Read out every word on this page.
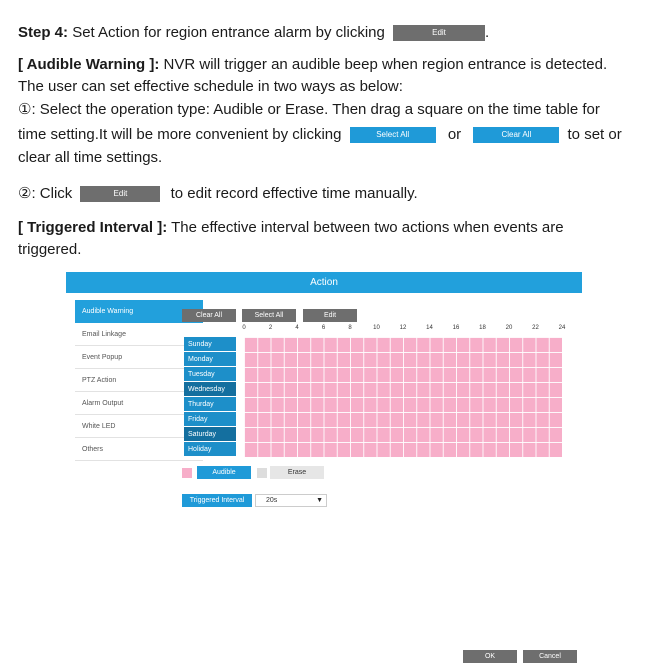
Step 4: Set Action for region entrance alarm by clicking	Edit	.
[ Audible Warning ]: NVR will trigger an audible beep when region entrance is detected.
The user can set effective schedule in two ways as below:
①: Select the operation type: Audible or Erase. Then drag a square on the time table for
time setting.It will be more convenient by clicking	Select All	or	Clear All to set or
clear all time settings.
②: Click	Edit	to edit record effective time manually.
[ Triggered Interval ]: The effective interval between two actions when events are
triggered.
Action
Audible Warning
Email Linkage
Event Popup
PTZ Action
Alarm Output
White LED
Others
Clear All	Select All	Edit
0	2	4	6	8	10	12	14	16	18	20	22	24
Sunday
Monday
Tuesday
Wednesday
Thurday
Friday
Saturday
Holiday
Audible	Erase
Triggered Interval	20s	▼
OK	Cancel
